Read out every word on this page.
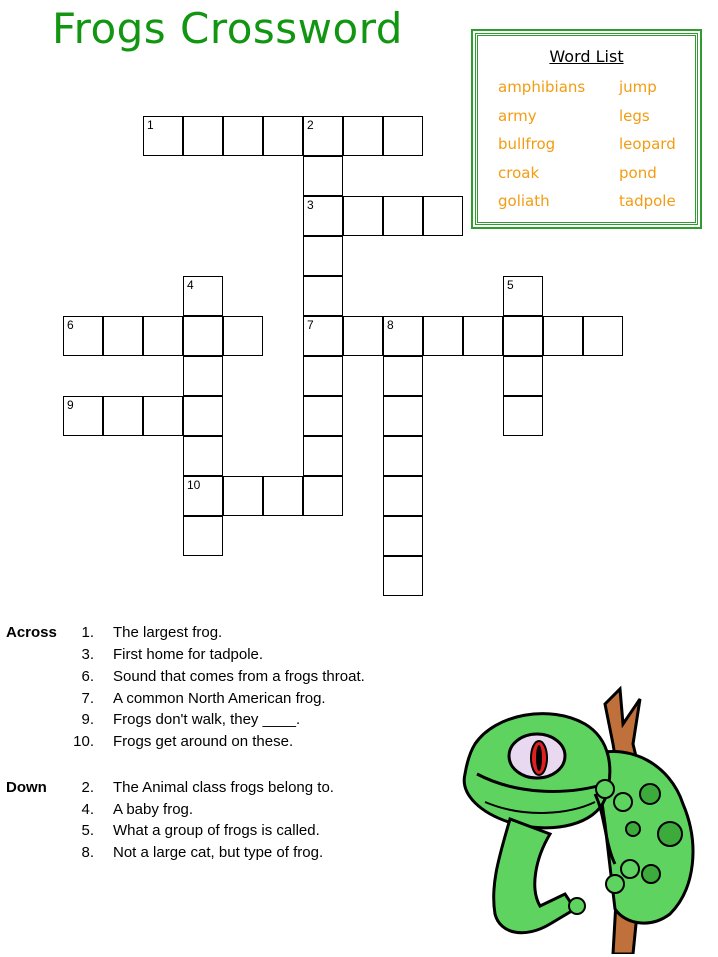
Frogs Crossword
Word List
amphibians
army
bullfrog
croak
goliath
jump
legs
leopard
pond
tadpole
1	2
3
7
6
4
10
8
5
9
Across	1. The largest frog.
3. First home for tadpole.
6. Sound that comes from a frogs throat.
7. A common North American frog.
9. Frogs don't walk, they ____.
10. Frogs get around on these.
Down	2. The Animal class frogs belong to.
4. A baby frog.
5. What a group of frogs is called.
8. Not a large cat, but type of frog.
